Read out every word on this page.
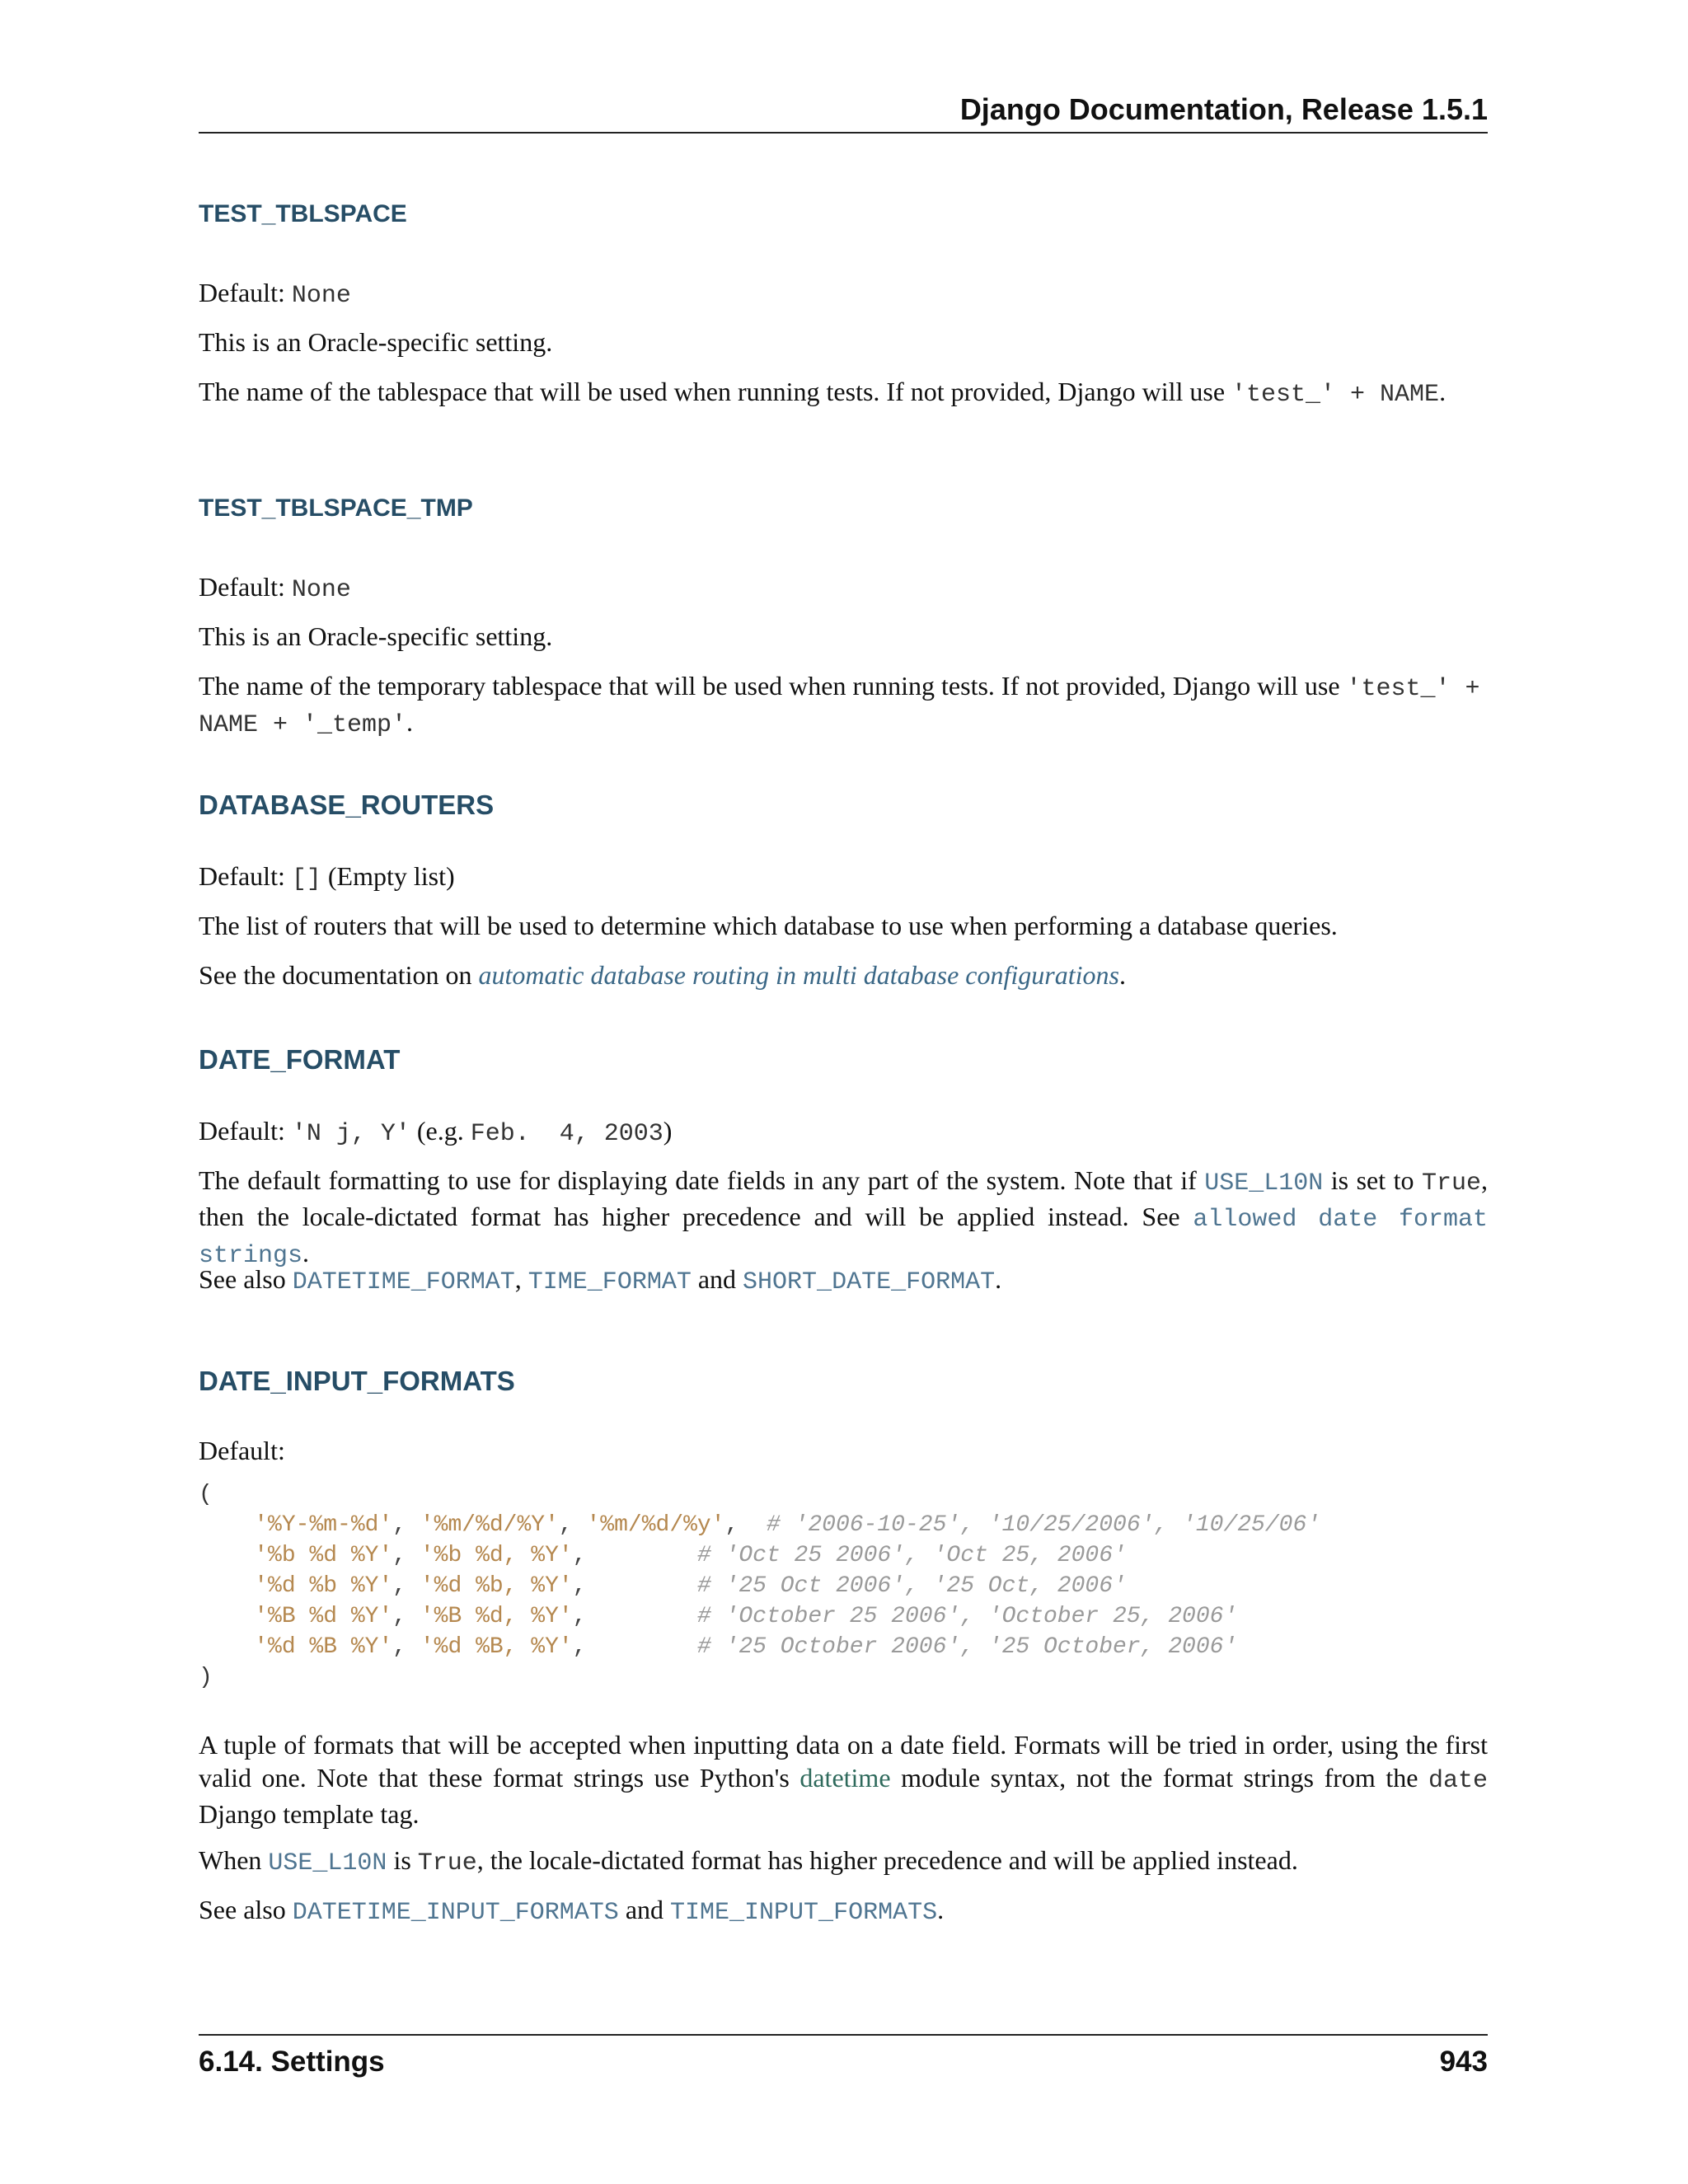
Django Documentation, Release 1.5.1
TEST_TBLSPACE
Default: None
This is an Oracle-specific setting.
The name of the tablespace that will be used when running tests. If not provided, Django will use 'test_' + NAME.
TEST_TBLSPACE_TMP
Default: None
This is an Oracle-specific setting.
The name of the temporary tablespace that will be used when running tests. If not provided, Django will use 'test_' + NAME + '_temp'.
DATABASE_ROUTERS
Default: [] (Empty list)
The list of routers that will be used to determine which database to use when performing a database queries.
See the documentation on automatic database routing in multi database configurations.
DATE_FORMAT
Default: 'N j, Y' (e.g. Feb.  4, 2003)
The default formatting to use for displaying date fields in any part of the system. Note that if USE_L10N is set to True, then the locale-dictated format has higher precedence and will be applied instead. See allowed date format strings.
See also DATETIME_FORMAT, TIME_FORMAT and SHORT_DATE_FORMAT.
DATE_INPUT_FORMATS
Default:
(
'%Y-%m-%d', '%m/%d/%Y', '%m/%d/%y',  # '2006-10-25', '10/25/2006', '10/25/06'
'%b %d %Y', '%b %d, %Y',	# 'Oct 25 2006', 'Oct 25, 2006'
'%d %b %Y', '%d %b, %Y',	# '25 Oct 2006', '25 Oct, 2006'
'%B %d %Y', '%B %d, %Y',	# 'October 25 2006', 'October 25, 2006'
'%d %B %Y', '%d %B, %Y',	# '25 October 2006', '25 October, 2006'
)
A tuple of formats that will be accepted when inputting data on a date field. Formats will be tried in order, using the first valid one. Note that these format strings use Python's datetime module syntax, not the format strings from the date Django template tag.
When USE_L10N is True, the locale-dictated format has higher precedence and will be applied instead.
See also DATETIME_INPUT_FORMATS and TIME_INPUT_FORMATS.
6.14. Settings	943
